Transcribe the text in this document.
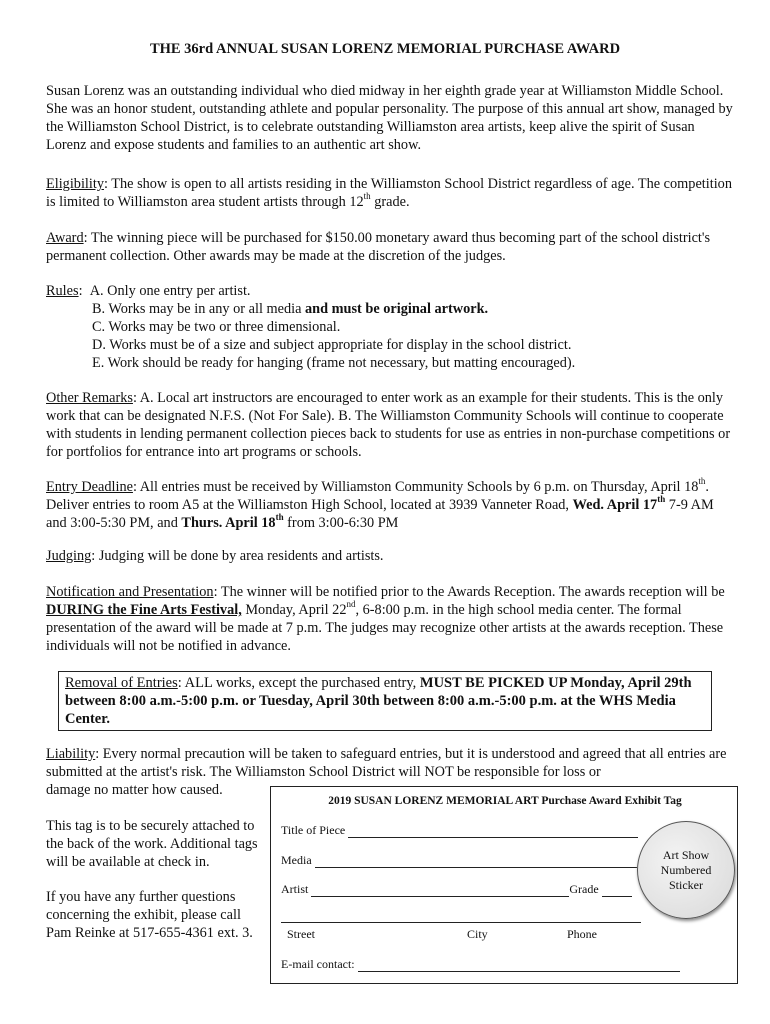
THE 36rd ANNUAL SUSAN LORENZ MEMORIAL PURCHASE AWARD
Susan Lorenz was an outstanding individual who died midway in her eighth grade year at Williamston Middle School. She was an honor student, outstanding athlete and popular personality. The purpose of this annual art show, managed by the Williamston School District, is to celebrate outstanding Williamston area artists, keep alive the spirit of Susan Lorenz and expose students and families to an authentic art show.
Eligibility: The show is open to all artists residing in the Williamston School District regardless of age. The competition is limited to Williamston area student artists through 12th grade.
Award: The winning piece will be purchased for $150.00 monetary award thus becoming part of the school district's permanent collection. Other awards may be made at the discretion of the judges.
Rules:  A. Only one entry per artist.
B. Works may be in any or all media and must be original artwork.
C. Works may be two or three dimensional.
D. Works must be of a size and subject appropriate for display in the school district.
E. Work should be ready for hanging (frame not necessary, but matting encouraged).
Other Remarks: A. Local art instructors are encouraged to enter work as an example for their students. This is the only work that can be designated N.F.S. (Not For Sale). B. The Williamston Community Schools will continue to cooperate with students in lending permanent collection pieces back to students for use as entries in non-purchase competitions or for portfolios for entrance into art programs or schools.
Entry Deadline: All entries must be received by Williamston Community Schools by 6 p.m. on Thursday, April 18th. Deliver entries to room A5 at the Williamston High School, located at 3939 Vanneter Road, Wed. April 17th 7-9 AM and 3:00-5:30 PM, and Thurs. April 18th from 3:00-6:30 PM
Judging: Judging will be done by area residents and artists.
Notification and Presentation: The winner will be notified prior to the Awards Reception. The awards reception will be DURING the Fine Arts Festival, Monday, April 22nd, 6-8:00 p.m. in the high school media center. The formal presentation of the award will be made at 7 p.m. The judges may recognize other artists at the awards reception. These individuals will not be notified in advance.
Removal of Entries: ALL works, except the purchased entry, MUST BE PICKED UP Monday, April 29th between 8:00 a.m.-5:00 p.m. or Tuesday, April 30th between 8:00 a.m.-5:00 p.m. at the WHS Media Center.
Liability: Every normal precaution will be taken to safeguard entries, but it is understood and agreed that all entries are submitted at the artist's risk. The Williamston School District will NOT be responsible for loss or
damage no matter how caused.
This tag is to be securely attached to the back of the work. Additional tags will be available at check in.
If you have any further questions concerning the exhibit, please call Pam Reinke at 517-655-4361 ext. 3.
2019 SUSAN LORENZ MEMORIAL ART Purchase Award Exhibit Tag
Title of Piece
Media
Artist	Grade
Street	City	Phone
E-mail contact:
Art Show
Numbered
Sticker
